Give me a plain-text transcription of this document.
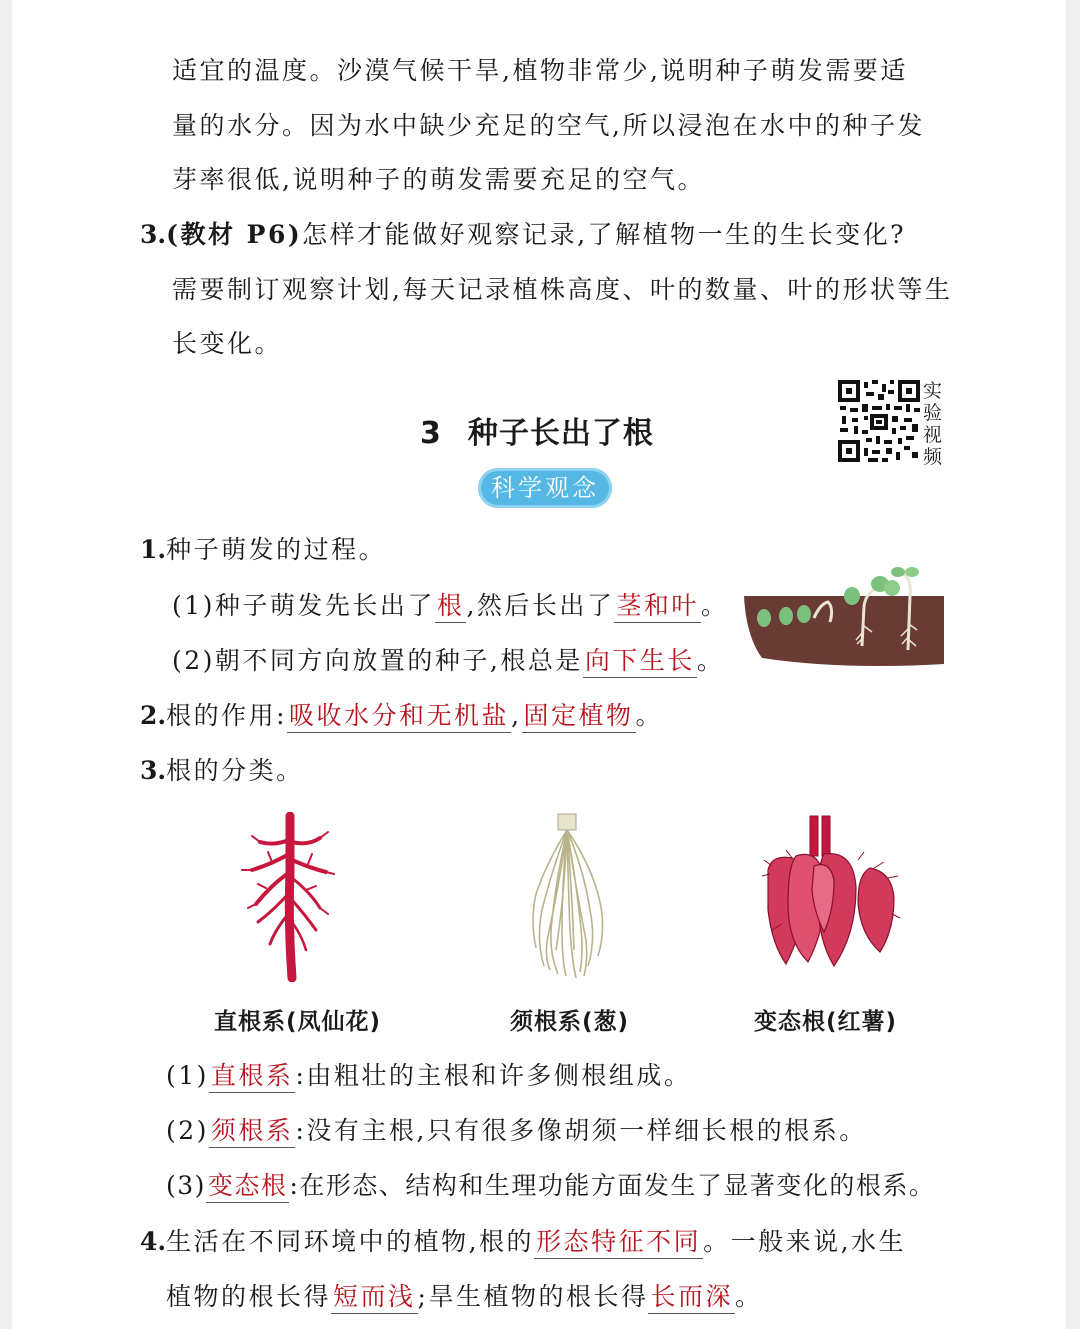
适宜的温度。沙漠气候干旱,植物非常少,说明种子萌发需要适
量的水分。因为水中缺少充足的空气,所以浸泡在水中的种子发
芽率很低,说明种子的萌发需要充足的空气。
3.(教材 P6)怎样才能做好观察记录,了解植物一生的生长变化?
需要制订观察计划,每天记录植株高度、叶的数量、叶的形状等生
长变化。
3 种子长出了根
科学观念
实
验
视
频
1.种子萌发的过程。
(1)种子萌发先长出了根,然后长出了茎和叶。
(2)朝不同方向放置的种子,根总是向下生长。
2.根的作用:吸收水分和无机盐,固定植物。
3.根的分类。
直根系(凤仙花)	须根系(葱)	变态根(红薯)
(1)直根系:由粗壮的主根和许多侧根组成。
(2)须根系:没有主根,只有很多像胡须一样细长根的根系。
(3)变态根:在形态、结构和生理功能方面发生了显著变化的根系。
4.生活在不同环境中的植物,根的形态特征不同。一般来说,水生
植物的根长得短而浅;旱生植物的根长得长而深。
